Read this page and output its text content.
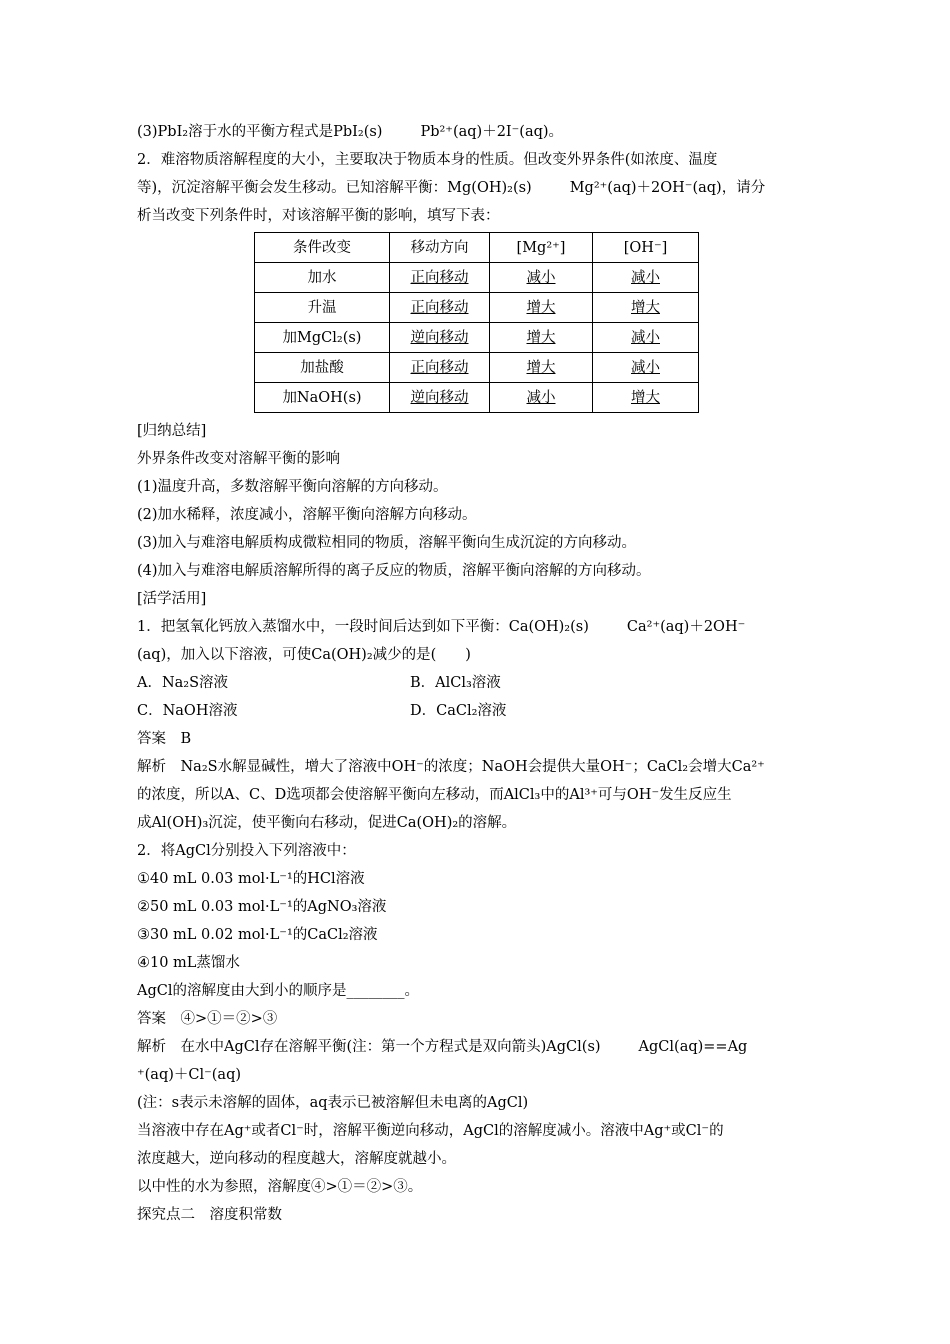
(3)PbI₂溶于水的平衡方程式是PbI₂(s)	Pb²⁺(aq)＋2I⁻(aq)。
2．难溶物质溶解程度的大小，主要取决于物质本身的性质。但改变外界条件(如浓度、温度
等)，沉淀溶解平衡会发生移动。已知溶解平衡：Mg(OH)₂(s)	Mg²⁺(aq)＋2OH⁻(aq)，请分
析当改变下列条件时，对该溶解平衡的影响，填写下表：
条件改变	移动方向	[Mg²⁺]	[OH⁻]
加水	正向移动	减小	减小
升温	正向移动	增大	增大
加MgCl₂(s)	逆向移动	增大	减小
加盐酸	正向移动	增大	减小
加NaOH(s)	逆向移动	减小	增大
[归纳总结]
外界条件改变对溶解平衡的影响
(1)温度升高，多数溶解平衡向溶解的方向移动。
(2)加水稀释，浓度减小，溶解平衡向溶解方向移动。
(3)加入与难溶电解质构成微粒相同的物质，溶解平衡向生成沉淀的方向移动。
(4)加入与难溶电解质溶解所得的离子反应的物质，溶解平衡向溶解的方向移动。
[活学活用]
1．把氢氧化钙放入蒸馏水中，一段时间后达到如下平衡：Ca(OH)₂(s)	Ca²⁺(aq)＋2OH⁻
(aq)，加入以下溶液，可使Ca(OH)₂减少的是(　　)
A．Na₂S溶液	B．AlCl₃溶液
C．NaOH溶液	D．CaCl₂溶液
答案　B
解析　Na₂S水解显碱性，增大了溶液中OH⁻的浓度；NaOH会提供大量OH⁻；CaCl₂会增大Ca²⁺
的浓度，所以A、C、D选项都会使溶解平衡向左移动，而AlCl₃中的Al³⁺可与OH⁻发生反应生
成Al(OH)₃沉淀，使平衡向右移动，促进Ca(OH)₂的溶解。
2．将AgCl分别投入下列溶液中：
①40 mL 0.03 mol·L⁻¹的HCl溶液
②50 mL 0.03 mol·L⁻¹的AgNO₃溶液
③30 mL 0.02 mol·L⁻¹的CaCl₂溶液
④10 mL蒸馏水
AgCl的溶解度由大到小的顺序是________。
答案　④>①＝②>③
解析　在水中AgCl存在溶解平衡(注：第一个方程式是双向箭头)AgCl(s)	AgCl(aq)==Ag
⁺(aq)＋Cl⁻(aq)
(注：s表示未溶解的固体，aq表示已被溶解但未电离的AgCl)
当溶液中存在Ag⁺或者Cl⁻时，溶解平衡逆向移动，AgCl的溶解度减小。溶液中Ag⁺或Cl⁻的
浓度越大，逆向移动的程度越大，溶解度就越小。
以中性的水为参照，溶解度④>①＝②>③。
探究点二　溶度积常数
